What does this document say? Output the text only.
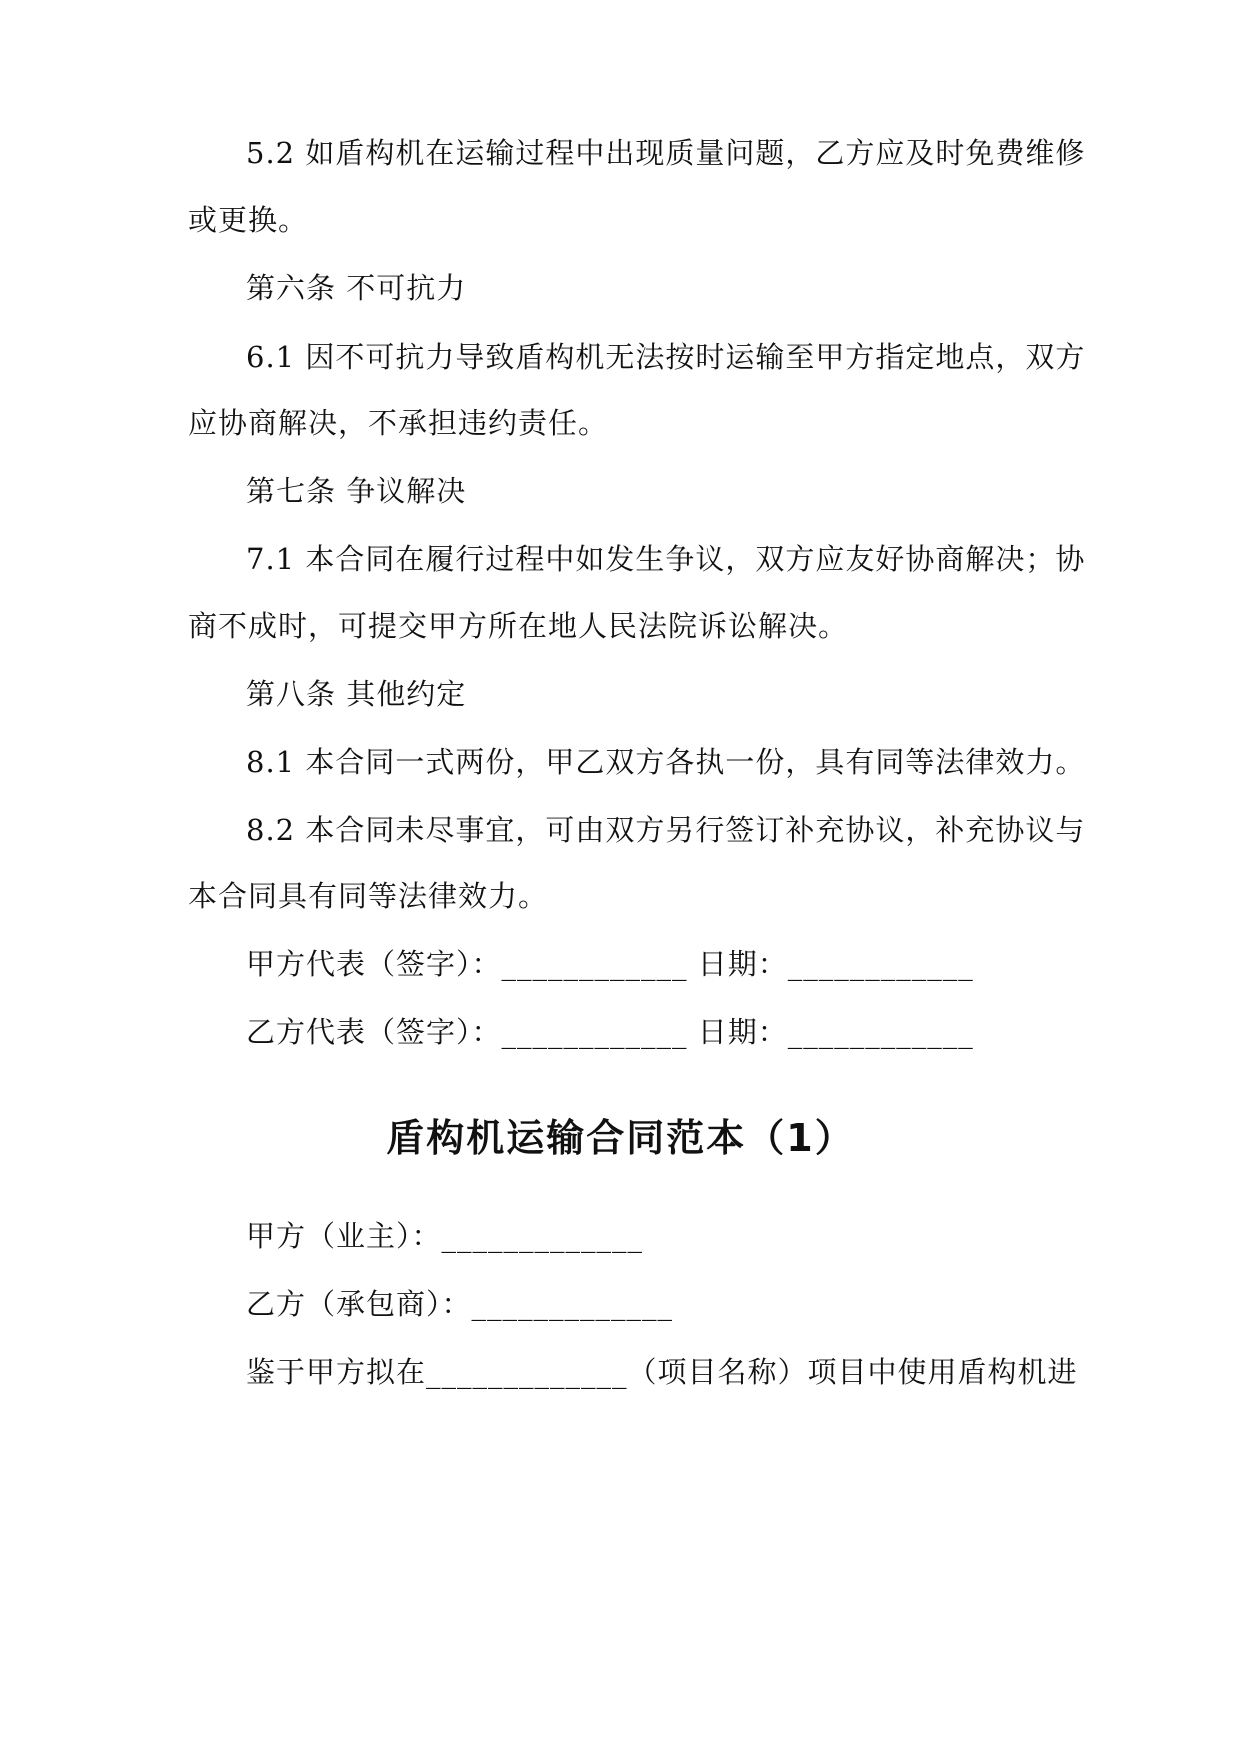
5.2 如盾构机在运输过程中出现质量问题，乙方应及时免费维修
或更换。
第六条 不可抗力
6.1 因不可抗力导致盾构机无法按时运输至甲方指定地点，双方
应协商解决，不承担违约责任。
第七条 争议解决
7.1 本合同在履行过程中如发生争议，双方应友好协商解决；协
商不成时，可提交甲方所在地人民法院诉讼解决。
第八条 其他约定
8.1 本合同一式两份，甲乙双方各执一份，具有同等法律效力。
8.2 本合同未尽事宜，可由双方另行签订补充协议，补充协议与
本合同具有同等法律效力。
甲方代表（签字）：____________ 日期：____________
乙方代表（签字）：____________ 日期：____________
盾构机运输合同范本（1）
甲方（业主）：_____________
乙方（承包商）：_____________
鉴于甲方拟在_____________（项目名称）项目中使用盾构机进
